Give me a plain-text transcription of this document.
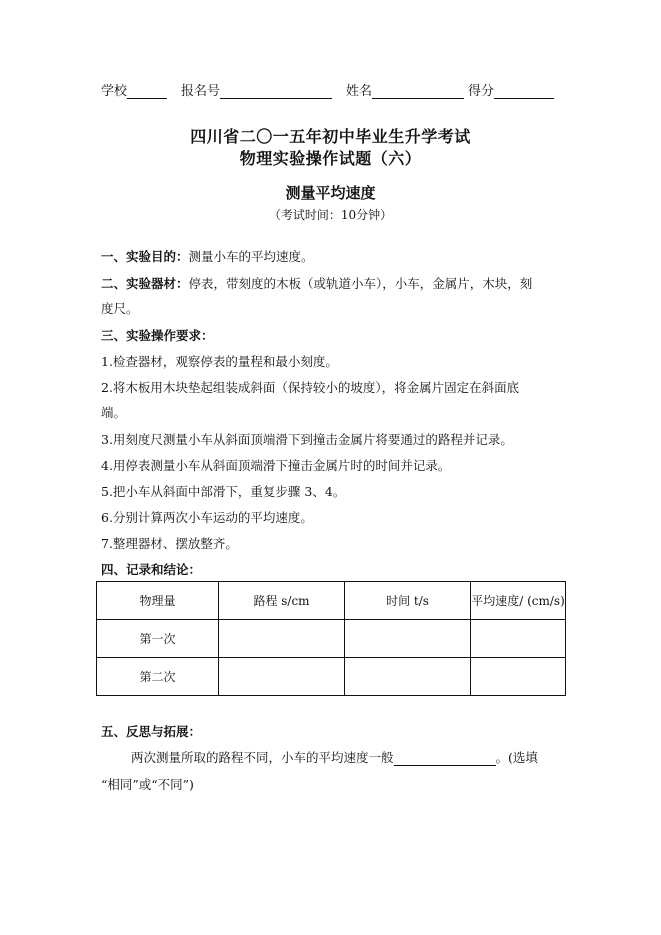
学校	报名号	姓名	得分
四川省二〇一五年初中毕业生升学考试
物理实验操作试题（六）
测量平均速度
（考试时间：10分钟）
一、实验目的：测量小车的平均速度。
二、实验器材：停表，带刻度的木板（或轨道小车），小车，金属片，木块，刻
度尺。
三、实验操作要求：
1.检查器材，观察停表的量程和最小刻度。
2.将木板用木块垫起组装成斜面（保持较小的坡度），将金属片固定在斜面底
端。
3.用刻度尺测量小车从斜面顶端滑下到撞击金属片将要通过的路程并记录。
4.用停表测量小车从斜面顶端滑下撞击金属片时的时间并记录。
5.把小车从斜面中部滑下，重复步骤 3、4。
6.分别计算两次小车运动的平均速度。
7.整理器材、摆放整齐。
四、记录和结论：
物理量	路程 s/cm	时间 t/s	平均速度/ (cm/s)
第一次			
第二次			
五、反思与拓展：
两次测量所取的路程不同，小车的平均速度一般	。(选填
“相同”或“不同”)
